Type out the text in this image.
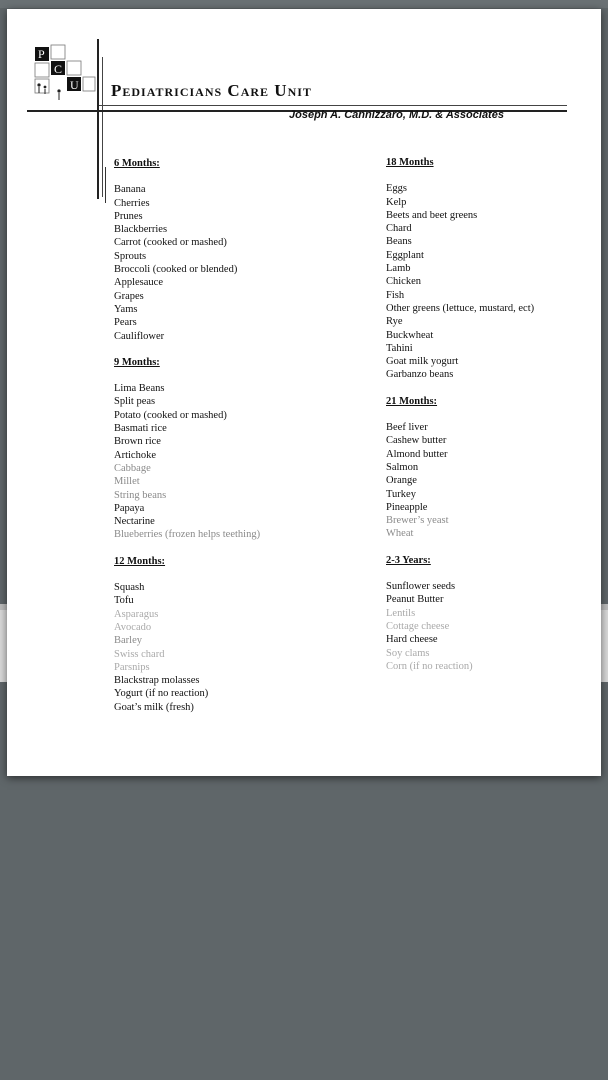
P
C
U Pediatricians Care Unit
Joseph A. Cannizzaro, M.D. & Associates

6 Months:

Banana
Cherries
Prunes
Blackberries
Carrot (cooked or mashed)
Sprouts
Broccoli (cooked or blended)
Applesauce
Grapes
Yams
Pears
Cauliflower

9 Months:

Lima Beans
Split peas
Potato (cooked or mashed)
Basmati rice
Brown rice
Artichoke
Cabbage
Millet
String beans
Papaya
Nectarine
Blueberries (frozen helps teething)

12 Months:

Squash
Tofu
Asparagus
Avocado
Barley
Swiss chard
Parsnips
Blackstrap molasses
Yogurt (if no reaction)
Goat’s milk (fresh)

18 Months

Eggs
Kelp
Beets and beet greens
Chard
Beans
Eggplant
Lamb
Chicken
Fish
Other greens (lettuce, mustard, ect)
Rye
Buckwheat
Tahini
Goat milk yogurt
Garbanzo beans

21 Months:

Beef liver
Cashew butter
Almond butter
Salmon
Orange
Turkey
Pineapple
Brewer’s yeast
Wheat

2-3 Years:

Sunflower seeds
Peanut Butter
Lentils
Cottage cheese
Hard cheese
Soy clams
Corn (if no reaction)
